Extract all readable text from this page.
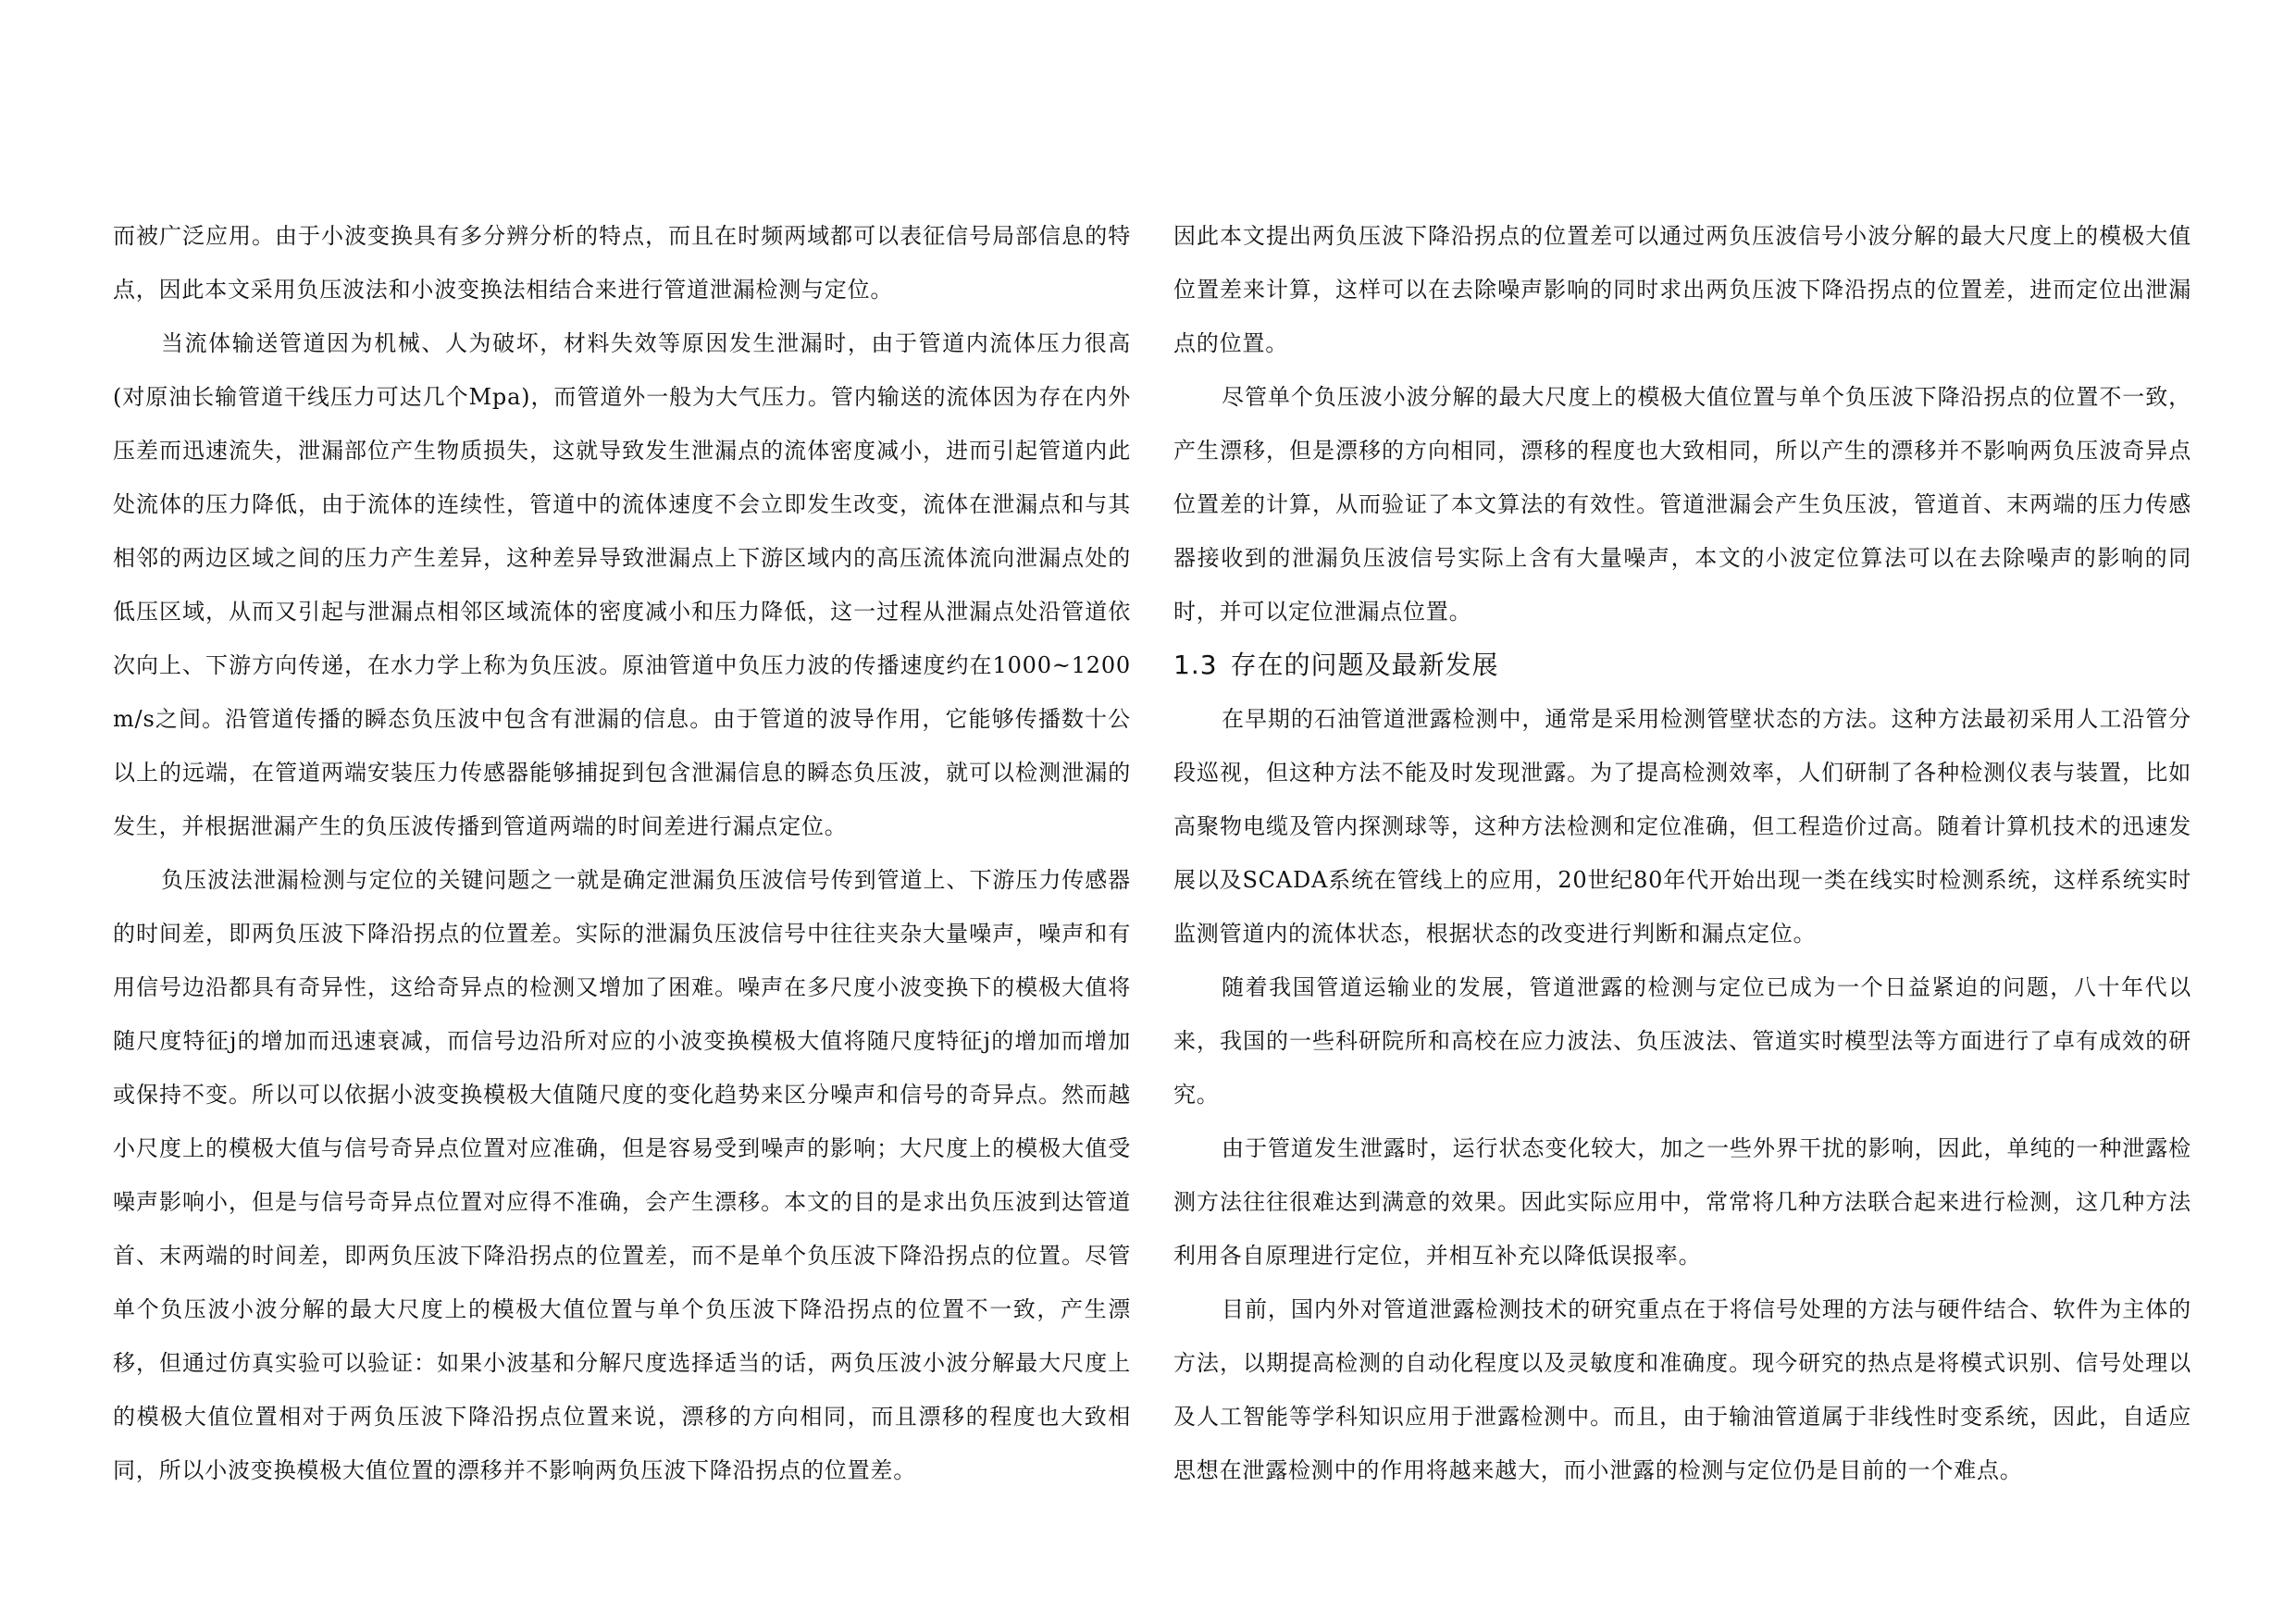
而被广泛应用。由于小波变换具有多分辨分析的特点，而且在时频两域都可以表征信号局部信息的特点，因此本文采用负压波法和小波变换法相结合来进行管道泄漏检测与定位。

当流体输送管道因为机械、人为破坏，材料失效等原因发生泄漏时，由于管道内流体压力很高(对原油长输管道干线压力可达几个Mpa)，而管道外一般为大气压力。管内输送的流体因为存在内外压差而迅速流失，泄漏部位产生物质损失，这就导致发生泄漏点的流体密度减小，进而引起管道内此处流体的压力降低，由于流体的连续性，管道中的流体速度不会立即发生改变，流体在泄漏点和与其相邻的两边区域之间的压力产生差异，这种差异导致泄漏点上下游区域内的高压流体流向泄漏点处的低压区域，从而又引起与泄漏点相邻区域流体的密度减小和压力降低，这一过程从泄漏点处沿管道依次向上、下游方向传递，在水力学上称为负压波。原油管道中负压力波的传播速度约在1000~1200m/s之间。沿管道传播的瞬态负压波中包含有泄漏的信息。由于管道的波导作用，它能够传播数十公以上的远端，在管道两端安装压力传感器能够捕捉到包含泄漏信息的瞬态负压波，就可以检测泄漏的发生，并根据泄漏产生的负压波传播到管道两端的时间差进行漏点定位。

负压波法泄漏检测与定位的关键问题之一就是确定泄漏负压波信号传到管道上、下游压力传感器的时间差，即两负压波下降沿拐点的位置差。实际的泄漏负压波信号中往往夹杂大量噪声，噪声和有用信号边沿都具有奇异性，这给奇异点的检测又增加了困难。噪声在多尺度小波变换下的模极大值将随尺度特征j的增加而迅速衰减，而信号边沿所对应的小波变换模极大值将随尺度特征j的增加而增加或保持不变。所以可以依据小波变换模极大值随尺度的变化趋势来区分噪声和信号的奇异点。然而越小尺度上的模极大值与信号奇异点位置对应准确，但是容易受到噪声的影响；大尺度上的模极大值受噪声影响小，但是与信号奇异点位置对应得不准确，会产生漂移。本文的目的是求出负压波到达管道首、末两端的时间差，即两负压波下降沿拐点的位置差，而不是单个负压波下降沿拐点的位置。尽管单个负压波小波分解的最大尺度上的模极大值位置与单个负压波下降沿拐点的位置不一致，产生漂移，但通过仿真实验可以验证：如果小波基和分解尺度选择适当的话，两负压波小波分解最大尺度上的模极大值位置相对于两负压波下降沿拐点位置来说，漂移的方向相同，而且漂移的程度也大致相同，所以小波变换模极大值位置的漂移并不影响两负压波下降沿拐点的位置差。

因此本文提出两负压波下降沿拐点的位置差可以通过两负压波信号小波分解的最大尺度上的模极大值位置差来计算，这样可以在去除噪声影响的同时求出两负压波下降沿拐点的位置差，进而定位出泄漏点的位置。

尽管单个负压波小波分解的最大尺度上的模极大值位置与单个负压波下降沿拐点的位置不一致，产生漂移，但是漂移的方向相同，漂移的程度也大致相同，所以产生的漂移并不影响两负压波奇异点位置差的计算，从而验证了本文算法的有效性。管道泄漏会产生负压波，管道首、末两端的压力传感器接收到的泄漏负压波信号实际上含有大量噪声，本文的小波定位算法可以在去除噪声的影响的同时，并可以定位泄漏点位置。

1.3 存在的问题及最新发展

在早期的石油管道泄露检测中，通常是采用检测管壁状态的方法。这种方法最初采用人工沿管分段巡视，但这种方法不能及时发现泄露。为了提高检测效率，人们研制了各种检测仪表与装置，比如高聚物电缆及管内探测球等，这种方法检测和定位准确，但工程造价过高。随着计算机技术的迅速发展以及SCADA系统在管线上的应用，20世纪80年代开始出现一类在线实时检测系统，这样系统实时监测管道内的流体状态，根据状态的改变进行判断和漏点定位。

随着我国管道运输业的发展，管道泄露的检测与定位已成为一个日益紧迫的问题，八十年代以来，我国的一些科研院所和高校在应力波法、负压波法、管道实时模型法等方面进行了卓有成效的研究。

由于管道发生泄露时，运行状态变化较大，加之一些外界干扰的影响，因此，单纯的一种泄露检测方法往往很难达到满意的效果。因此实际应用中，常常将几种方法联合起来进行检测，这几种方法利用各自原理进行定位，并相互补充以降低误报率。

目前，国内外对管道泄露检测技术的研究重点在于将信号处理的方法与硬件结合、软件为主体的方法，以期提高检测的自动化程度以及灵敏度和准确度。现今研究的热点是将模式识别、信号处理以及人工智能等学科知识应用于泄露检测中。而且，由于输油管道属于非线性时变系统，因此，自适应思想在泄露检测中的作用将越来越大，而小泄露的检测与定位仍是目前的一个难点。
